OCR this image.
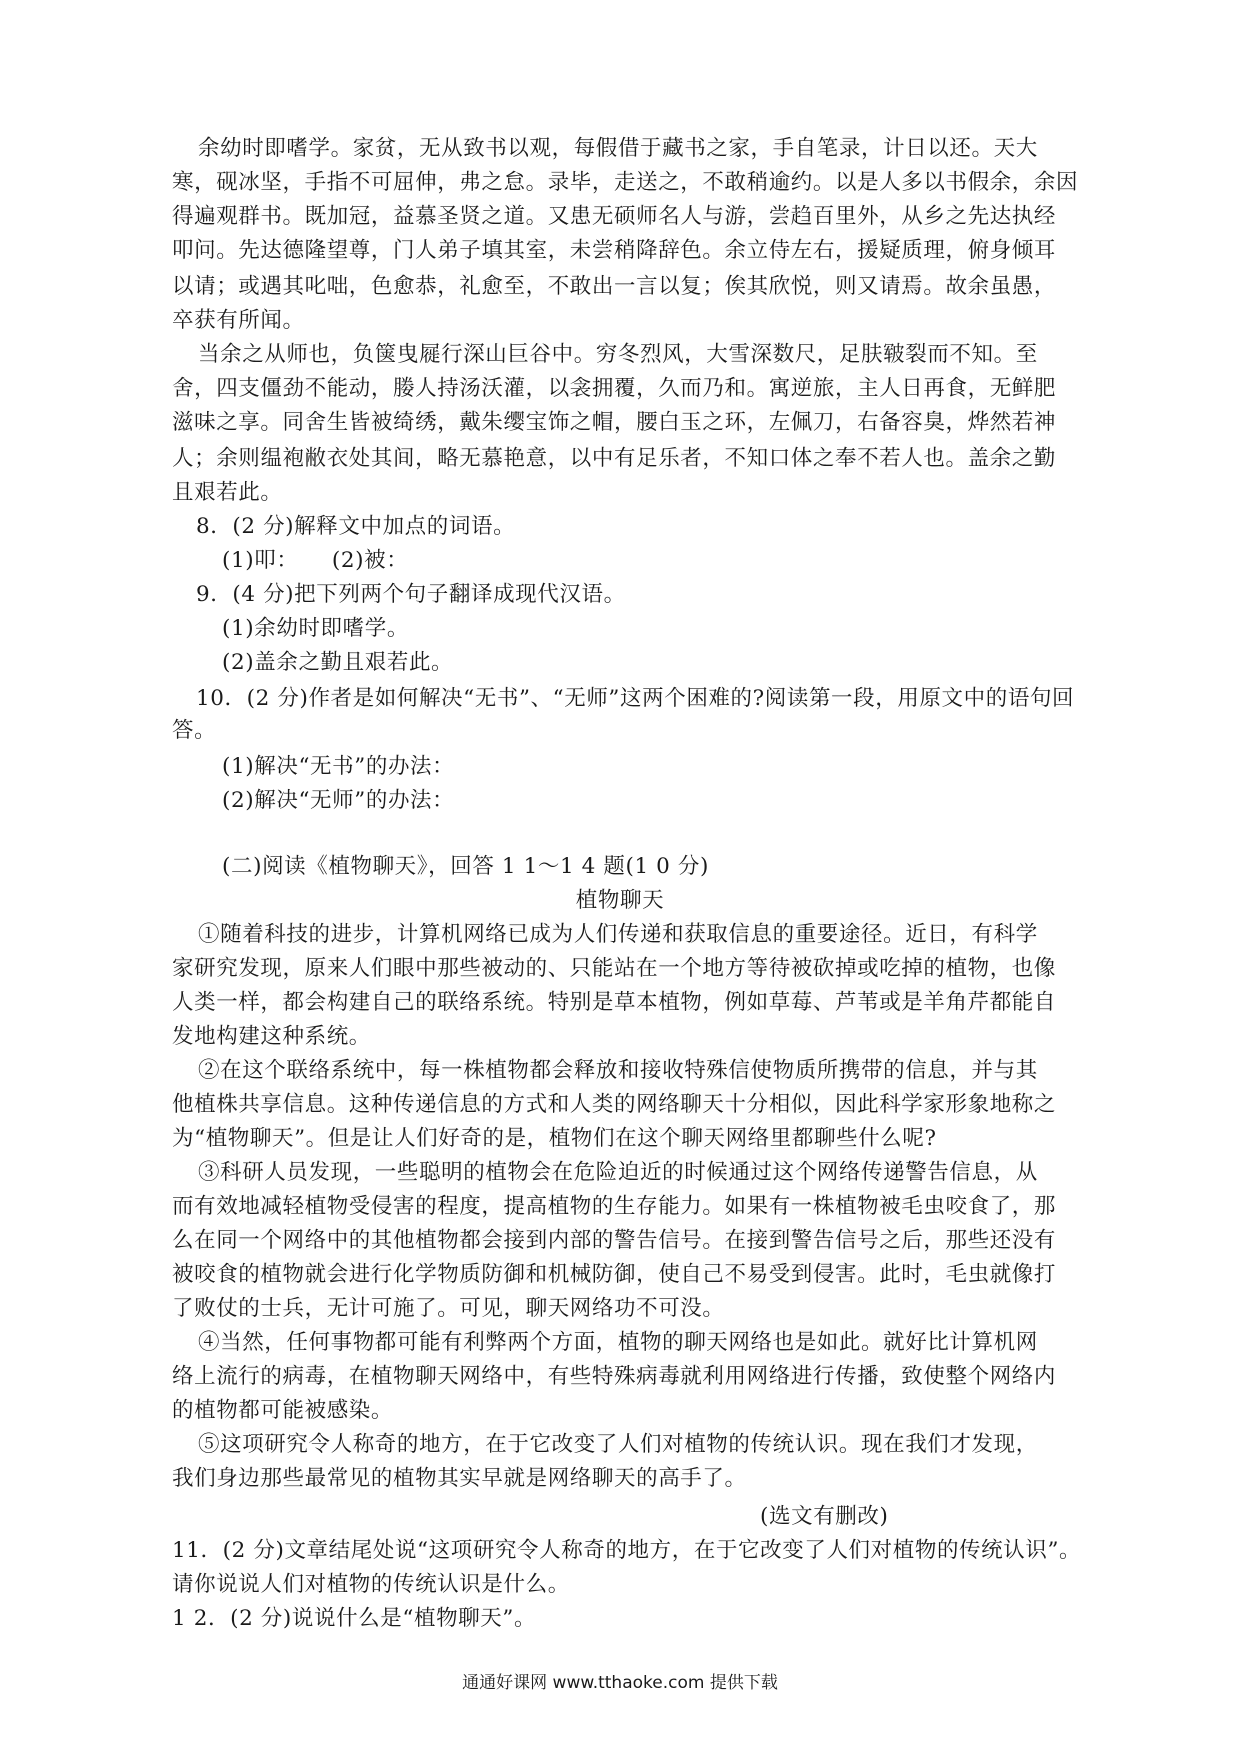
余幼时即嗜学。家贫，无从致书以观，每假借于藏书之家，手自笔录，计日以还。天大
寒，砚冰坚，手指不可屈伸，弗之怠。录毕，走送之，不敢稍逾约。以是人多以书假余，余因
得遍观群书。既加冠，益慕圣贤之道。又患无硕师名人与游，尝趋百里外，从乡之先达执经
叩问。先达德隆望尊，门人弟子填其室，未尝稍降辞色。余立侍左右，援疑质理，俯身倾耳
以请；或遇其叱咄，色愈恭，礼愈至，不敢出一言以复；俟其欣悦，则又请焉。故余虽愚，
卒获有所闻。
当余之从师也，负箧曳屣行深山巨谷中。穷冬烈风，大雪深数尺，足肤皲裂而不知。至
舍，四支僵劲不能动，媵人持汤沃灌，以衾拥覆，久而乃和。寓逆旅，主人日再食，无鲜肥
滋味之享。同舍生皆被绮绣，戴朱缨宝饰之帽，腰白玉之环，左佩刀，右备容臭，烨然若神
人；余则缊袍敝衣处其间，略无慕艳意，以中有足乐者，不知口体之奉不若人也。盖余之勤
且艰若此。
8．(2 分)解释文中加点的词语。
(1)叩：　　(2)被：
9．(4 分)把下列两个句子翻译成现代汉语。
(1)余幼时即嗜学。
(2)盖余之勤且艰若此。
10．(2 分)作者是如何解决“无书”、“无师”这两个困难的?阅读第一段，用原文中的语句回
答。
(1)解决“无书”的办法：
(2)解决“无师”的办法：
(二)阅读《植物聊天》，回答 1 1～1 4 题(1 0 分)
植物聊天
①随着科技的进步，计算机网络已成为人们传递和获取信息的重要途径。近日，有科学
家研究发现，原来人们眼中那些被动的、只能站在一个地方等待被砍掉或吃掉的植物，也像
人类一样，都会构建自己的联络系统。特别是草本植物，例如草莓、芦苇或是羊角芹都能自
发地构建这种系统。
②在这个联络系统中，每一株植物都会释放和接收特殊信使物质所携带的信息，并与其
他植株共享信息。这种传递信息的方式和人类的网络聊天十分相似，因此科学家形象地称之
为“植物聊天”。但是让人们好奇的是，植物们在这个聊天网络里都聊些什么呢?
③科研人员发现，一些聪明的植物会在危险迫近的时候通过这个网络传递警告信息，从
而有效地减轻植物受侵害的程度，提高植物的生存能力。如果有一株植物被毛虫咬食了，那
么在同一个网络中的其他植物都会接到内部的警告信号。在接到警告信号之后，那些还没有
被咬食的植物就会进行化学物质防御和机械防御，使自己不易受到侵害。此时，毛虫就像打
了败仗的士兵，无计可施了。可见，聊天网络功不可没。
④当然，任何事物都可能有利弊两个方面，植物的聊天网络也是如此。就好比计算机网
络上流行的病毒，在植物聊天网络中，有些特殊病毒就利用网络进行传播，致使整个网络内
的植物都可能被感染。
⑤这项研究令人称奇的地方，在于它改变了人们对植物的传统认识。现在我们才发现，
我们身边那些最常见的植物其实早就是网络聊天的高手了。
(选文有删改)
11．(2 分)文章结尾处说“这项研究令人称奇的地方，在于它改变了人们对植物的传统认识”。
请你说说人们对植物的传统认识是什么。
1 2．(2 分)说说什么是“植物聊天”。
通通好课网 www.tthaoke.com 提供下载
